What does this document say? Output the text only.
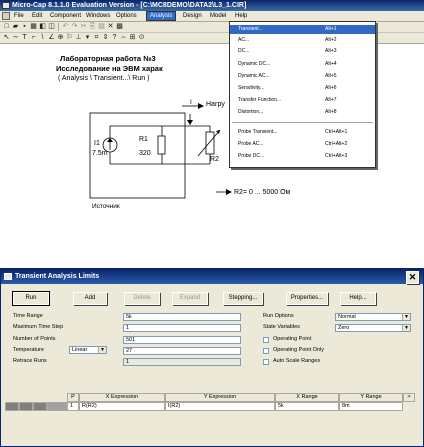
Micro-Cap 8.1.1.0 Evaluation Version - [C:\MC8DEMO\DATA2\L3_1.CIR]
File	Edit	Component Windows Options	Analysis	Design	Model	Help
□ ▰ ▪ ▦ ◧ ◫ ↶ ↷ ✂ ⎘ ▤ ✕ ▩
↖ ∼ T ⌐ \ ∠ ⊕ ⚐ ⊥ ▾ ⌗ ⇕ ? ⇔ ⊞ ⊙
Лабораторная работа №3
Исследование на ЭВМ харак
( Analysis \ Transient...\ Run )
I Нагру
I1
7.5m
R1
320
R2
R2= 0 ... 5000 Ом
Источник
Transient...	Alt+1
AC...	Alt+2
DC...	Alt+3
Dynamic DC...	Alt+4
Dynamic AC...	Alt+5
Sensitivity...	Alt+6
Transfer Function...	Alt+7
Distortion...	Alt+8
Probe Transient...	Ctrl+Alt+1
Probe AC...	Ctrl+Alt+2
Probe DC...	Ctrl+Alt+3
Transient Analysis Limits	✕
Run	Add	Delete	Expand	Stepping...	Properties...	Help...
Time Range	5k
Maximum Time Step	1
Number of Points	501
Temperature	Linear	▼	27
Retrace Runs	1
Run Options	Normal	▼
State Variables	Zero	▼
Operating Point
Operating Point Only
Auto Scale Ranges
P	X Expression	Y Expression	X Range	Y Range	>
1	R(R2)	I(R2)	5k	8m
